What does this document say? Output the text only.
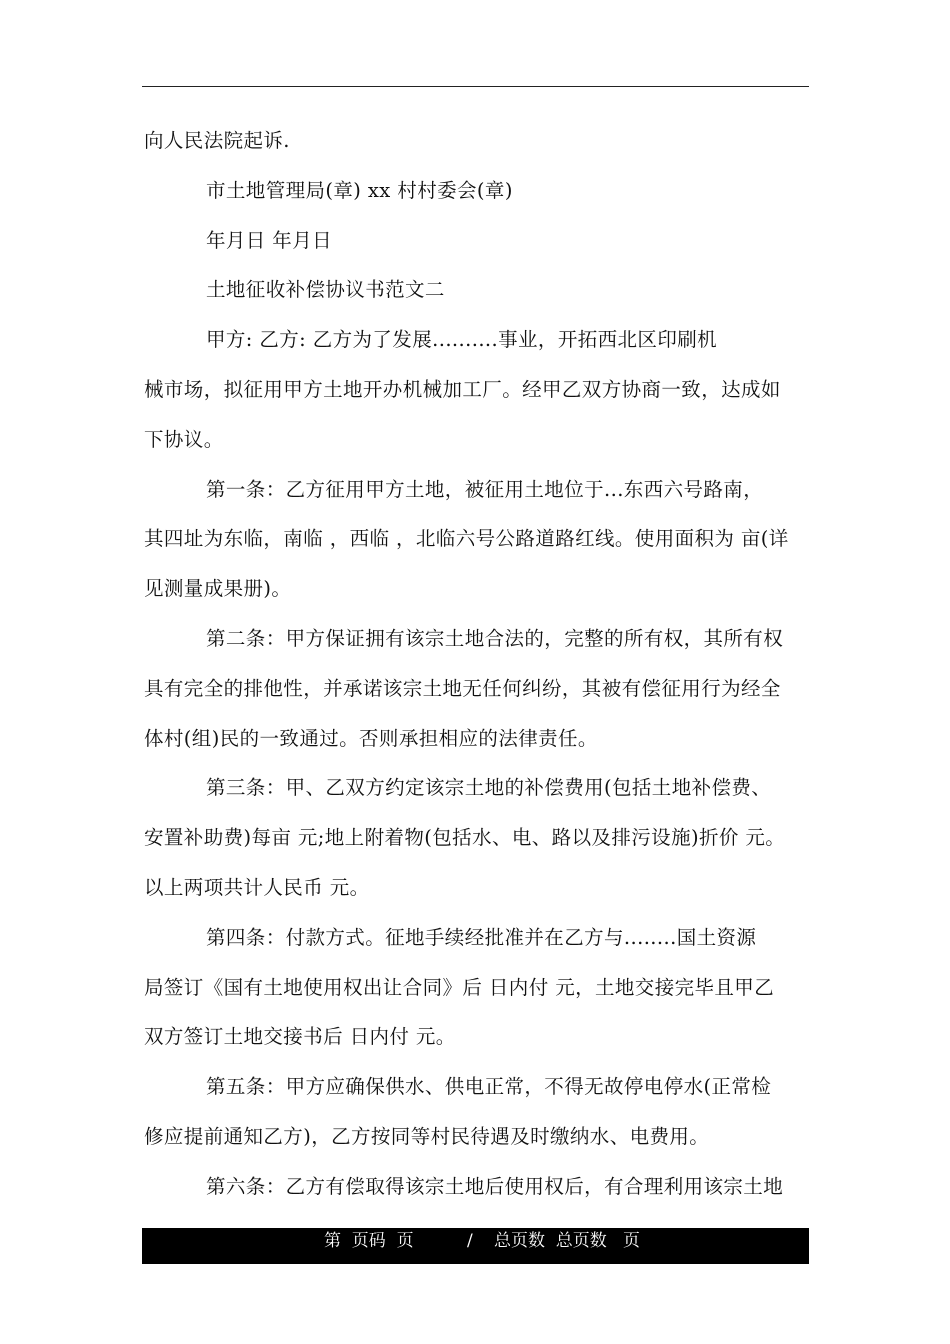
向人民法院起诉.
市土地管理局(章) xx 村村委会(章)
年月日 年月日
土地征收补偿协议书范文二
甲方: 乙方: 乙方为了发展..........事业，开拓西北区印刷机
械市场，拟征用甲方土地开办机械加工厂。经甲乙双方协商一致，达成如
下协议。
第一条：乙方征用甲方土地，被征用土地位于...东西六号路南，
其四址为东临，南临 ，西临 ，北临六号公路道路红线。使用面积为 亩(详
见测量成果册)。
第二条：甲方保证拥有该宗土地合法的，完整的所有权，其所有权
具有完全的排他性，并承诺该宗土地无任何纠纷，其被有偿征用行为经全
体村(组)民的一致通过。否则承担相应的法律责任。
第三条：甲、乙双方约定该宗土地的补偿费用(包括土地补偿费、
安置补助费)每亩 元;地上附着物(包括水、电、路以及排污设施)折价 元。
以上两项共计人民币 元。
第四条：付款方式。征地手续经批准并在乙方与........国土资源
局签订《国有土地使用权出让合同》后 日内付 元，土地交接完毕且甲乙
双方签订土地交接书后 日内付 元。
第五条：甲方应确保供水、供电正常，不得无故停电停水(正常检
修应提前通知乙方)，乙方按同等村民待遇及时缴纳水、电费用。
第六条：乙方有偿取得该宗土地后使用权后，有合理利用该宗土地
第  页码  页	/ 总页数  总页数   页
